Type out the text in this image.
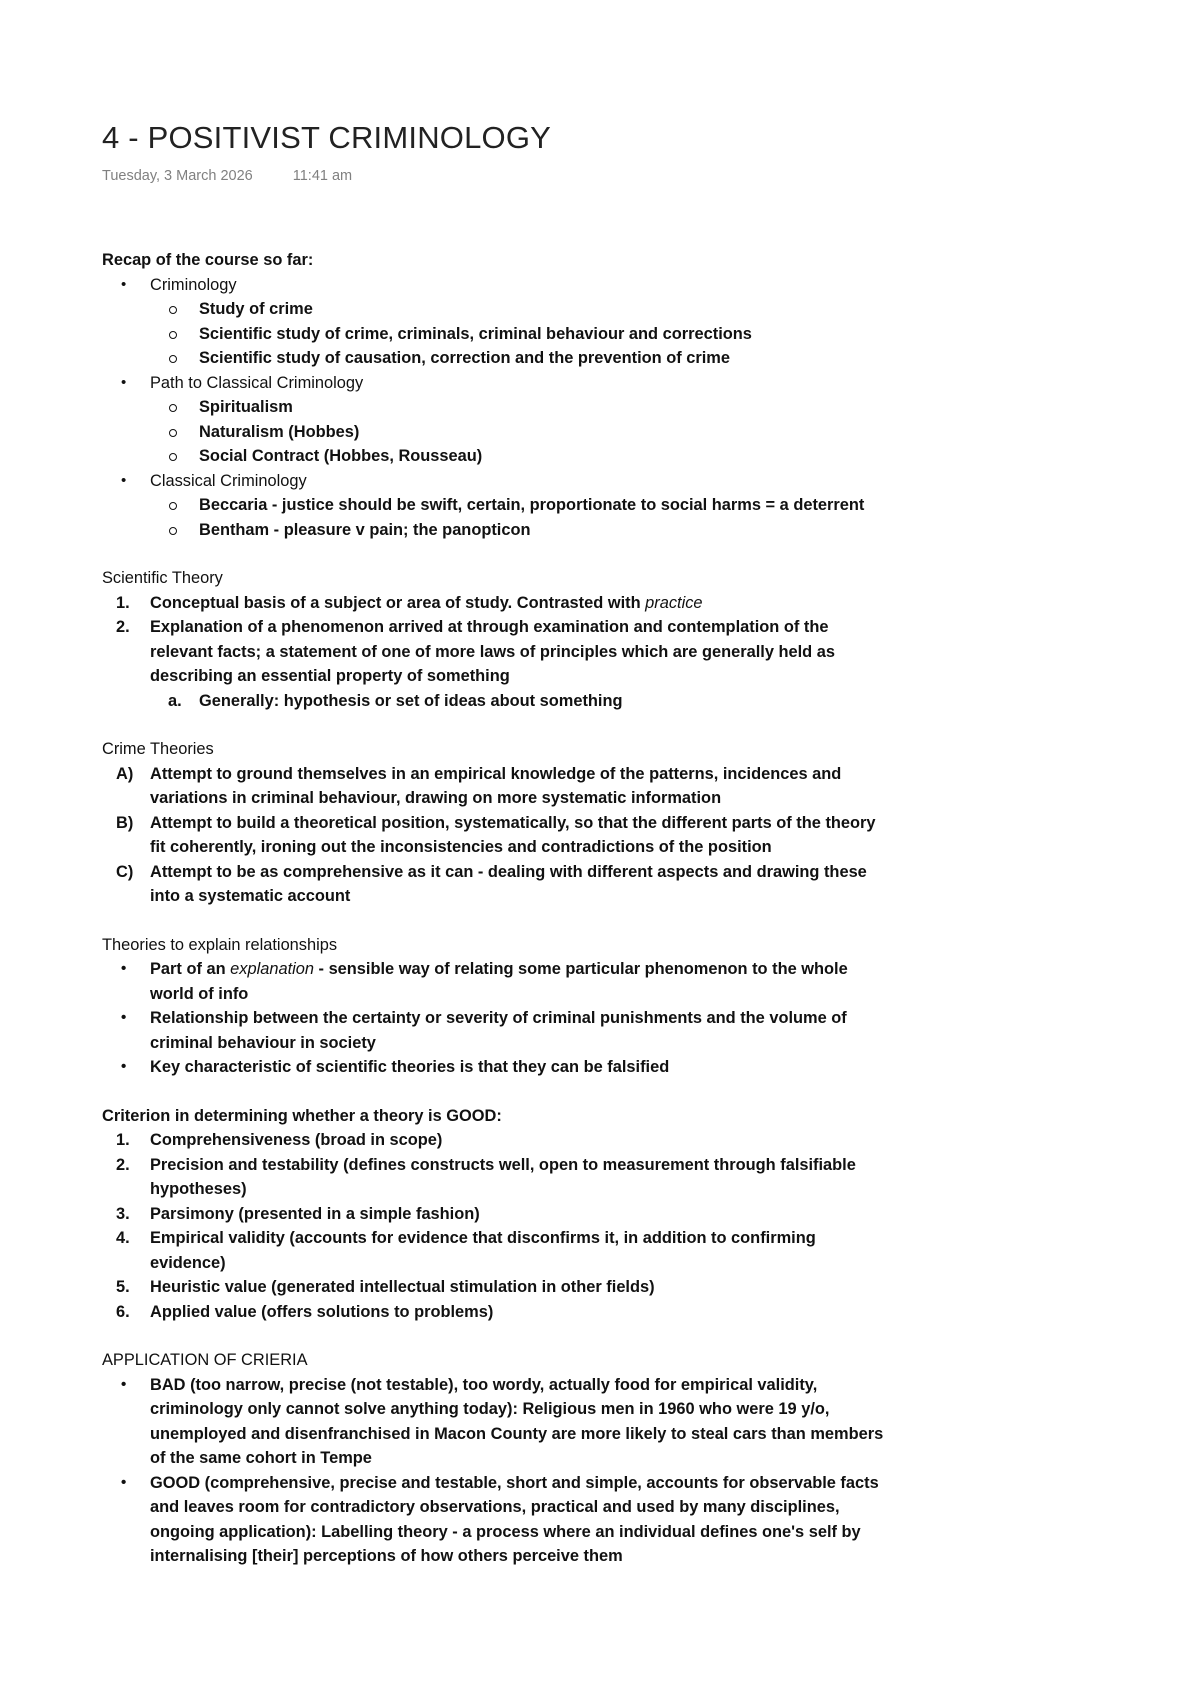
4 - POSITIVIST CRIMINOLOGY
Tuesday, 3 March 2026	11:41 am

Recap of the course so far:

•	Criminology
Study of crime
Scientific study of crime, criminals, criminal behaviour and corrections
Scientific study of causation, correction and the prevention of crime
•	Path to Classical Criminology
Spiritualism
Naturalism (Hobbes)
Social Contract (Hobbes, Rousseau)
•	Classical Criminology
Beccaria - justice should be swift, certain, proportionate to social harms = a deterrent
Bentham - pleasure v pain; the panopticon

Scientific Theory

1.	Conceptual basis of a subject or area of study. Contrasted with practice
2.	Explanation of a phenomenon arrived at through examination and contemplation of the relevant facts; a statement of one of more laws of principles which are generally held as describing an essential property of something
a. Generally: hypothesis or set of ideas about something

Crime Theories

A)	Attempt to ground themselves in an empirical knowledge of the patterns, incidences and variations in criminal behaviour, drawing on more systematic information
B)	Attempt to build a theoretical position, systematically, so that the different parts of the theory fit coherently, ironing out the inconsistencies and contradictions of the position
C)	Attempt to be as comprehensive as it can - dealing with different aspects and drawing these into a systematic account

Theories to explain relationships

•	Part of an explanation - sensible way of relating some particular phenomenon to the whole world of info
•	Relationship between the certainty or severity of criminal punishments and the volume of criminal behaviour in society
•	Key characteristic of scientific theories is that they can be falsified

Criterion in determining whether a theory is GOOD:

1.	Comprehensiveness (broad in scope)
2.	Precision and testability (defines constructs well, open to measurement through falsifiable hypotheses)
3.	Parsimony (presented in a simple fashion)
4.	Empirical validity (accounts for evidence that disconfirms it, in addition to confirming evidence)
5.	Heuristic value (generated intellectual stimulation in other fields)
6.	Applied value (offers solutions to problems)

APPLICATION OF CRIERIA

•	BAD (too narrow, precise (not testable), too wordy, actually food for empirical validity, criminology only cannot solve anything today): Religious men in 1960 who were 19 y/o, unemployed and disenfranchised in Macon County are more likely to steal cars than members of the same cohort in Tempe
•	GOOD (comprehensive, precise and testable, short and simple, accounts for observable facts and leaves room for contradictory observations, practical and used by many disciplines, ongoing application): Labelling theory - a process where an individual defines one's self by internalising [their] perceptions of how others perceive them
